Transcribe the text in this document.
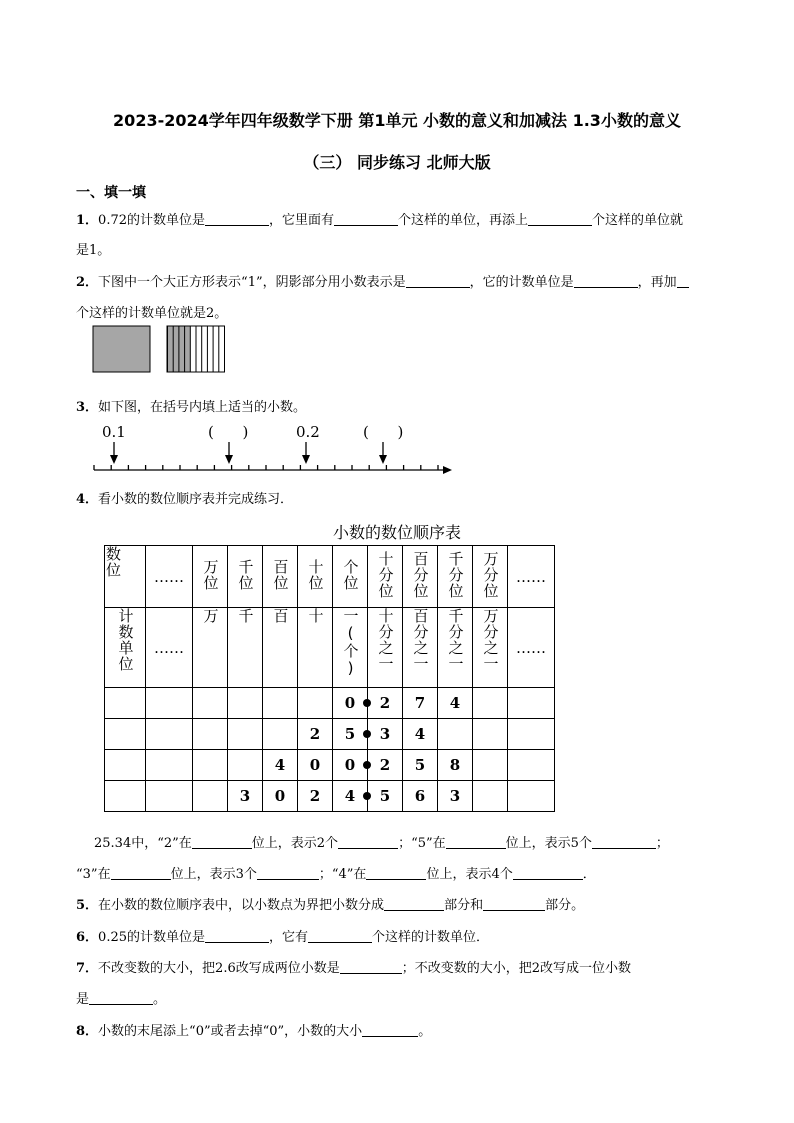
2023-2024学年四年级数学下册 第1单元 小数的意义和加减法 1.3小数的意义
（三） 同步练习 北师大版
一、填一填
1．0.72的计数单位是	，它里面有	个这样的单位，再添上	个这样的单位就
是1。
2．下图中一个大正方形表示“1”，阴影部分用小数表示是	，它的计数单位是	，再加
个这样的计数单位就是2。
3．如下图，在括号内填上适当的小数。
0.1	(      )	0.2	(      )
4．看小数的数位顺序表并完成练习．
小数的数位顺序表
数位	……	万位	千位	百位	十位	个位	十分位	百分位	千分位	万分位	……
计数单位	……	万	千	百	十	一(个)	十分之一	百分之一	千分之一	万分之一	……
						0	2	7	4		
					2	5	3	4			
				4	0	0	2	5	8		
			3	0	2	4	5	6	3		
25.34中，“2”在	位上，表示2个	；“5”在	位上，表示5个	；
“3”在	位上，表示3个	；“4”在	位上，表示4个	．
5．在小数的数位顺序表中，以小数点为界把小数分成	部分和	部分。
6．0.25的计数单位是	，它有	个这样的计数单位．
7．不改变数的大小，把2.6改写成两位小数是	；不改变数的大小，把2改写成一位小数
是	。
8．小数的末尾添上“0”或者去掉“0”，小数的大小	。
